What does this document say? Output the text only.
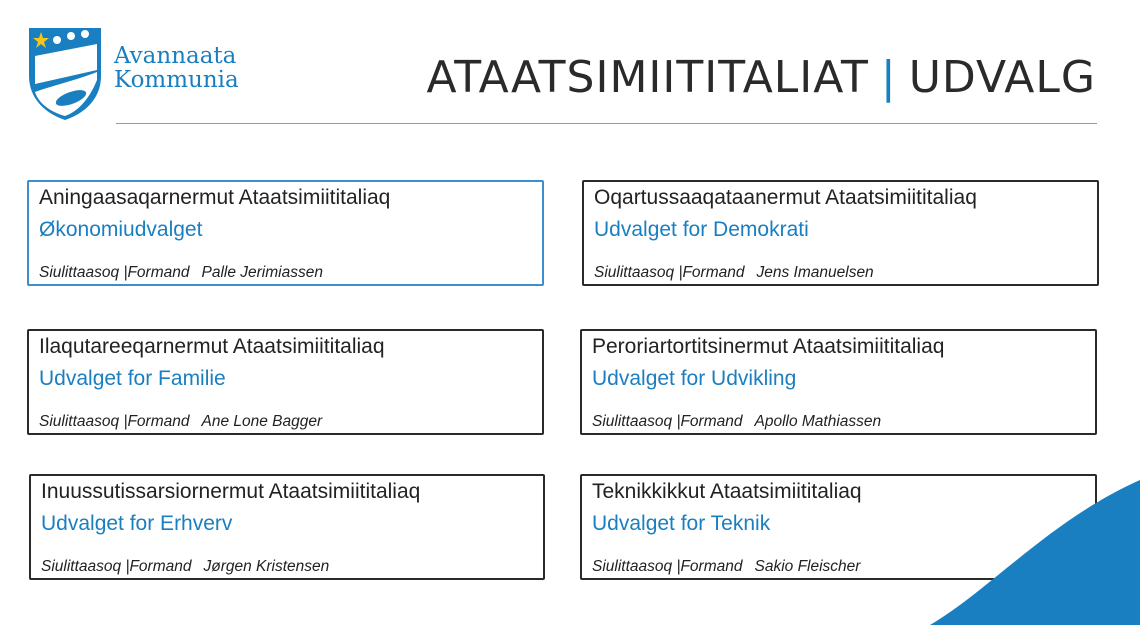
Avannaata
Kommunia	ATAATSIMIITITALIAT | UDVALG
Aningaasaqarnermut Ataatsimiititaliaq
Økonomiudvalget
Siulittaasoq |Formand Palle Jerimiassen
Oqartussaaqataanermut Ataatsimiititaliaq
Udvalget for Demokrati
Siulittaasoq |Formand Jens Imanuelsen
Ilaqutareeqarnermut Ataatsimiititaliaq
Udvalget for Familie
Siulittaasoq |Formand Ane Lone Bagger
Peroriartortitsinermut Ataatsimiititaliaq
Udvalget for Udvikling
Siulittaasoq |Formand Apollo Mathiassen
Inuussutissarsiornermut Ataatsimiititaliaq
Udvalget for Erhverv
Siulittaasoq |Formand Jørgen Kristensen
Teknikkikkut Ataatsimiititaliaq
Udvalget for Teknik
Siulittaasoq |Formand Sakio Fleischer
